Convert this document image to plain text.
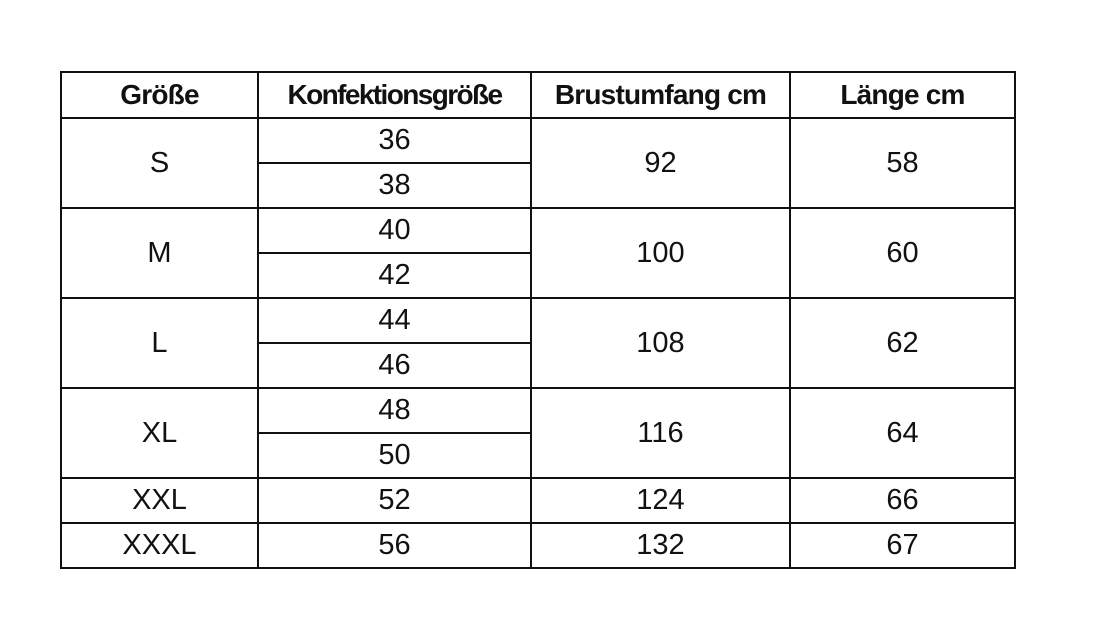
Größe	Konfektionsgröße	Brustumfang cm	Länge cm
S	36	92	58
	38		
M	40	100	60
	42		
L	44	108	62
	46		
XL	48	116	64
	50		
XXL	52	124	66
XXXL	56	132	67
